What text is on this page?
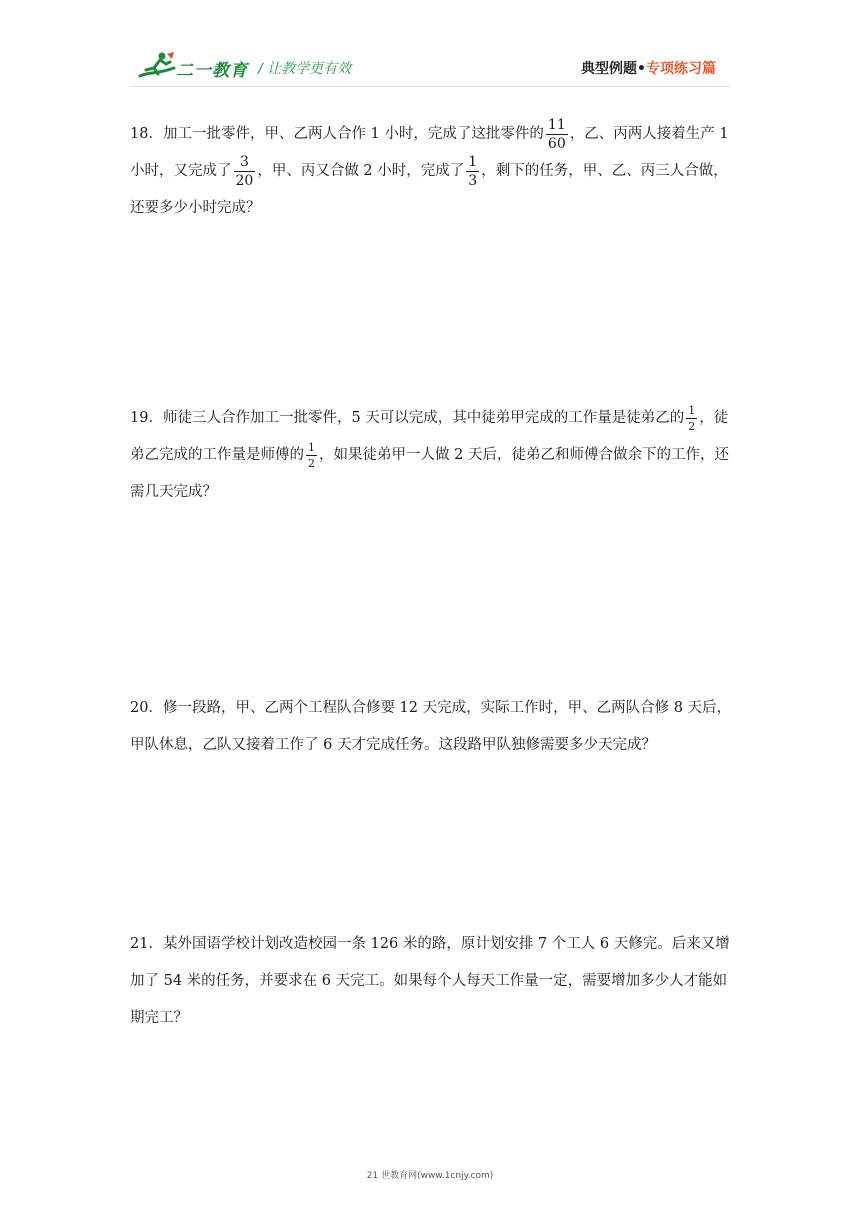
二一教育 / 让教学更有效	典型例题•专项练习篇

18．加工一批零件，甲、乙两人合作 1 小时，完成了这批零件的 $\frac{11}{60}$ ，乙、丙两人接着生产 1 小时，又完成了 $\frac{3}{20}$ ，甲、丙又合做 2 小时，完成了 $\frac{1}{3}$ ，剩下的任务，甲、乙、丙三人合做，还要多少小时完成？

19．师徒三人合作加工一批零件，5 天可以完成，其中徒弟甲完成的工作量是徒弟乙的 $\frac{1}{2}$ ，徒弟乙完成的工作量是师傅的 $\frac{1}{2}$ ，如果徒弟甲一人做 2 天后，徒弟乙和师傅合做余下的工作，还需几天完成？

20．修一段路，甲、乙两个工程队合修要 12 天完成，实际工作时，甲、乙两队合修 8 天后，甲队休息，乙队又接着工作了 6 天才完成任务。这段路甲队独修需要多少天完成？

21．某外国语学校计划改造校园一条 126 米的路，原计划安排 7 个工人 6 天修完。后来又增加了 54 米的任务，并要求在 6 天完工。如果每个人每天工作量一定，需要增加多少人才能如期完工？

21 世教育网(www.1cnjy.com)
